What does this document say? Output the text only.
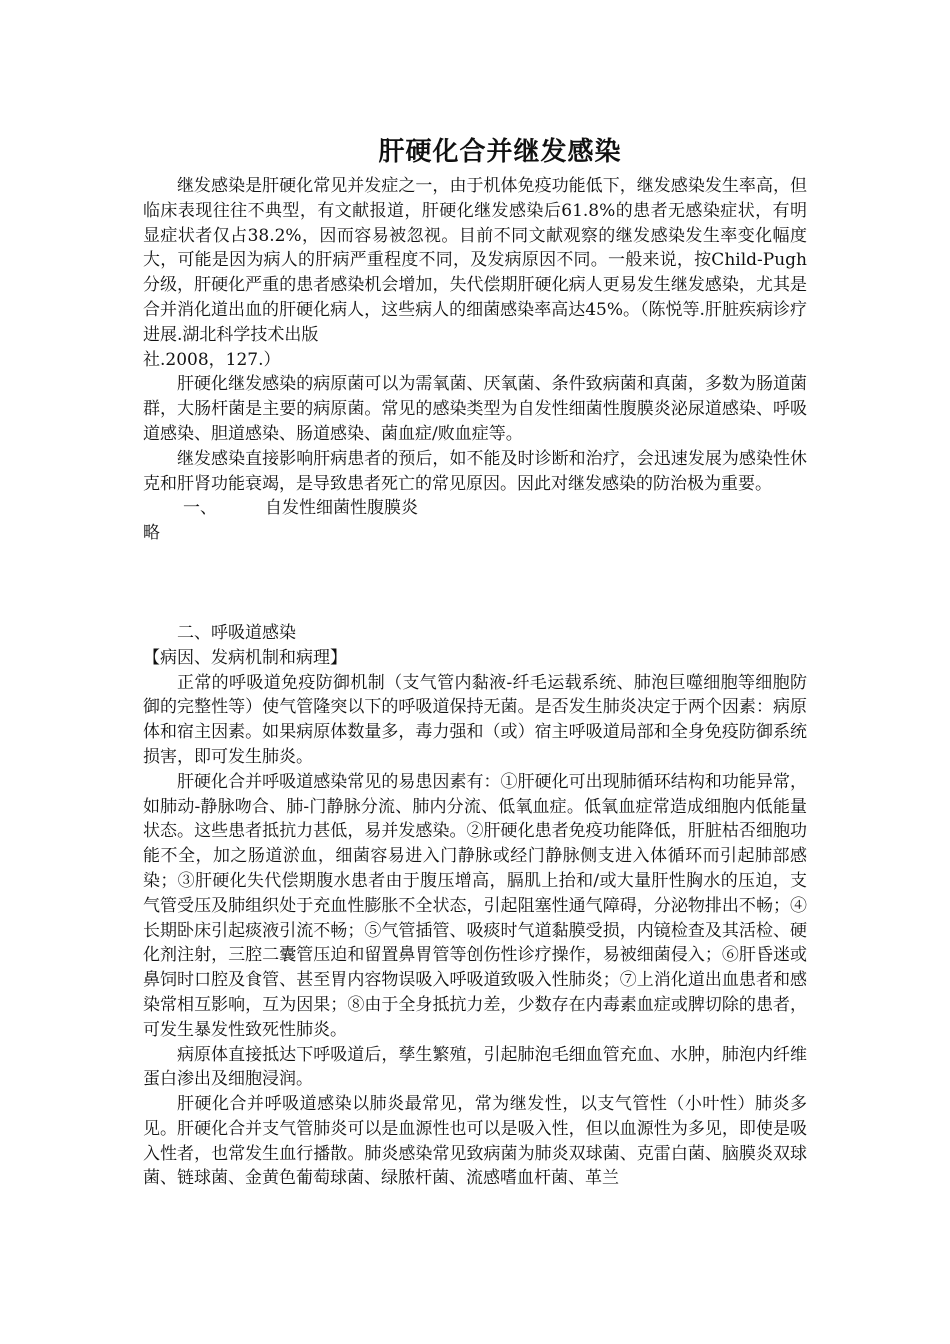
肝硬化合并继发感染

继发感染是肝硬化常见并发症之一，由于机体免疫功能低下，继发感染发生率高，但临床表现往往不典型，有文献报道，肝硬化继发感染后61.8%的患者无感染症状，有明显症状者仅占38.2%，因而容易被忽视。目前不同文献观察的继发感染发生率变化幅度大，可能是因为病人的肝病严重程度不同，及发病原因不同。一般来说，按Child-Pugh分级，肝硬化严重的患者感染机会增加，失代偿期肝硬化病人更易发生继发感染，尤其是合并消化道出血的肝硬化病人，这些病人的细菌感染率高达45%。（陈悦等.肝脏疾病诊疗进展.湖北科学技术出版

社.2008，127.）

肝硬化继发感染的病原菌可以为需氧菌、厌氧菌、条件致病菌和真菌，多数为肠道菌群，大肠杆菌是主要的病原菌。常见的感染类型为自发性细菌性腹膜炎泌尿道感染、呼吸道感染、胆道感染、肠道感染、菌血症/败血症等。

继发感染直接影响肝病患者的预后，如不能及时诊断和治疗，会迅速发展为感染性休克和肝肾功能衰竭，是导致患者死亡的常见原因。因此对继发感染的防治极为重要。

一、	自发性细菌性腹膜炎

略

二、呼吸道感染

【病因、发病机制和病理】

正常的呼吸道免疫防御机制（支气管内黏液-纤毛运载系统、肺泡巨噬细胞等细胞防御的完整性等）使气管隆突以下的呼吸道保持无菌。是否发生肺炎决定于两个因素：病原体和宿主因素。如果病原体数量多，毒力强和（或）宿主呼吸道局部和全身免疫防御系统损害，即可发生肺炎。

肝硬化合并呼吸道感染常见的易患因素有：①肝硬化可出现肺循环结构和功能异常，如肺动-静脉吻合、肺-门静脉分流、肺内分流、低氧血症。低氧血症常造成细胞内低能量状态。这些患者抵抗力甚低，易并发感染。②肝硬化患者免疫功能降低，肝脏枯否细胞功能不全，加之肠道淤血，细菌容易进入门静脉或经门静脉侧支进入体循环而引起肺部感染；③肝硬化失代偿期腹水患者由于腹压增高，膈肌上抬和/或大量肝性胸水的压迫，支气管受压及肺组织处于充血性膨胀不全状态，引起阻塞性通气障碍，分泌物排出不畅；④长期卧床引起痰液引流不畅；⑤气管插管、吸痰时气道黏膜受损，内镜检查及其活检、硬化剂注射，三腔二囊管压迫和留置鼻胃管等创伤性诊疗操作，易被细菌侵入；⑥肝昏迷或鼻饲时口腔及食管、甚至胃内容物误吸入呼吸道致吸入性肺炎；⑦上消化道出血患者和感染常相互影响，互为因果；⑧由于全身抵抗力差，少数存在内毒素血症或脾切除的患者，可发生暴发性致死性肺炎。

病原体直接抵达下呼吸道后，孳生繁殖，引起肺泡毛细血管充血、水肿，肺泡内纤维蛋白渗出及细胞浸润。

肝硬化合并呼吸道感染以肺炎最常见，常为继发性，以支气管性（小叶性）肺炎多见。肝硬化合并支气管肺炎可以是血源性也可以是吸入性，但以血源性为多见，即使是吸入性者，也常发生血行播散。肺炎感染常见致病菌为肺炎双球菌、克雷白菌、脑膜炎双球菌、链球菌、金黄色葡萄球菌、绿脓杆菌、流感嗜血杆菌、革兰
